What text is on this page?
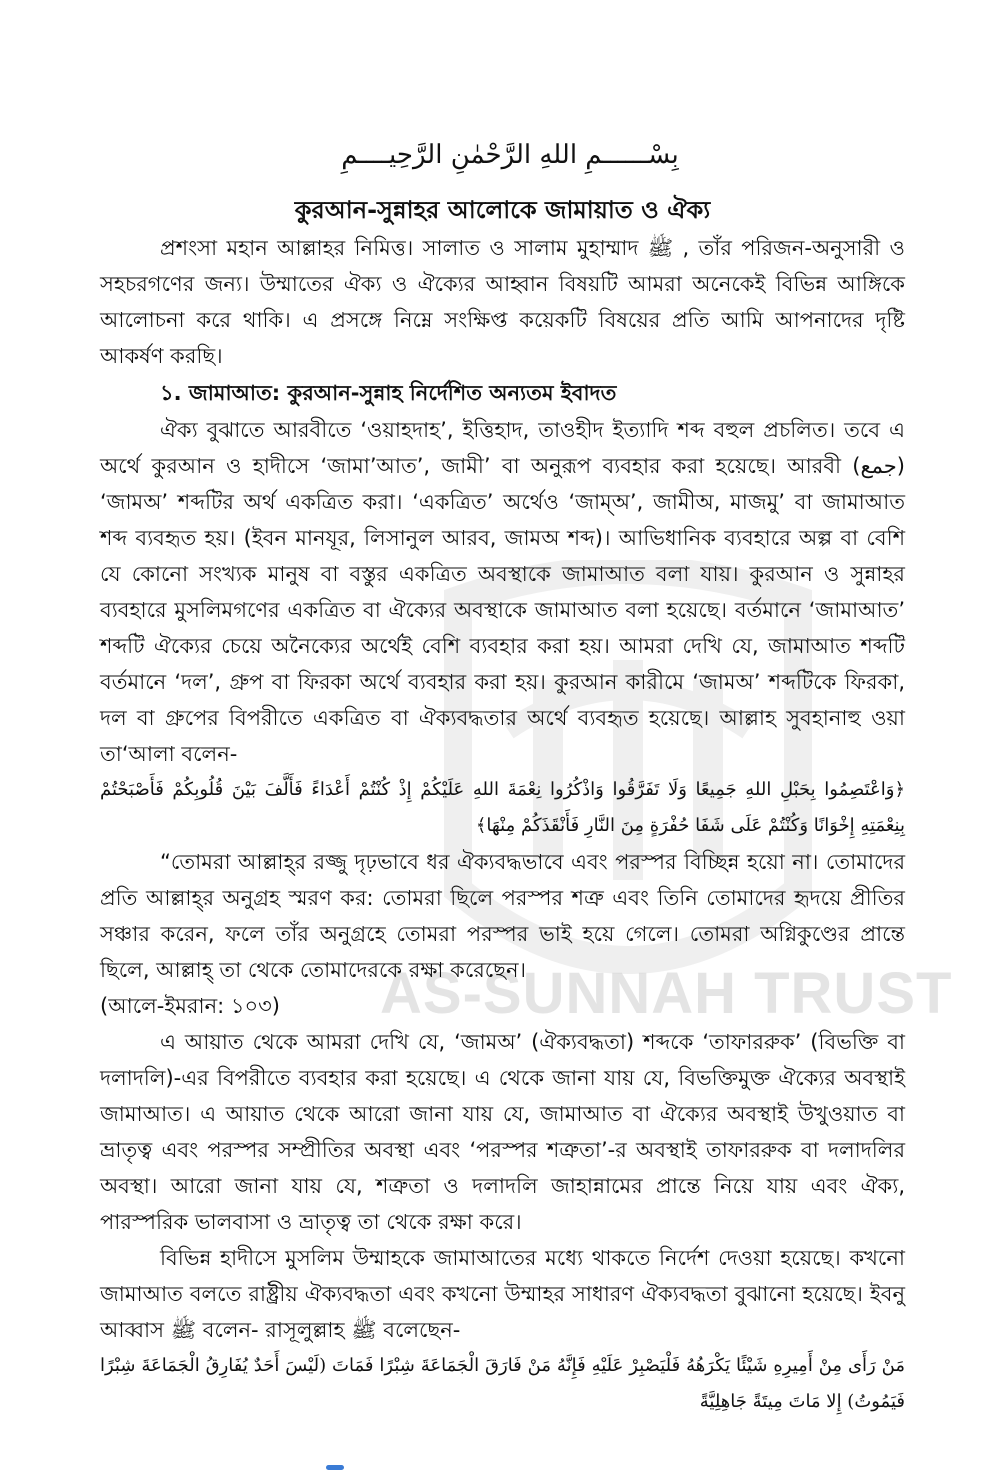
AS-SUNNAH TRUST
بِسْــــــمِ اللهِ الرَّحْمٰنِ الرَّحِيــــمِ
কুরআন-সুন্নাহর আলোকে জামায়াত ও ঐক্য

প্রশংসা মহান আল্লাহর নিমিত্ত। সালাত ও সালাম মুহাম্মাদ ﷺ , তাঁর পরিজন-অনুসারী ও সহচরগণের জন্য। উম্মাতের ঐক্য ও ঐক্যের আহ্বান বিষয়টি আমরা অনেকেই বিভিন্ন আঙ্গিকে আলোচনা করে থাকি। এ প্রসঙ্গে নিম্নে সংক্ষিপ্ত কয়েকটি বিষয়ের প্রতি আমি আপনাদের দৃষ্টি আকর্ষণ করছি।

১. জামাআত: কুরআন-সুন্নাহ নির্দেশিত অন্যতম ইবাদত

ঐক্য বুঝাতে আরবীতে ‘ওয়াহদাহ’, ইত্তিহাদ, তাওহীদ ইত্যাদি শব্দ বহুল প্রচলিত। তবে এ অর্থে কুরআন ও হাদীসে ‘জামা’আত’, জামী’ বা অনুরূপ ব্যবহার করা হয়েছে। আরবী (جمع) ‘জামঅ’ শব্দটির অর্থ একত্রিত করা। ‘একত্রিত’ অর্থেও ‘জাম্‌অ’, জামীঅ, মাজমু’ বা জামাআত শব্দ ব্যবহৃত হয়। (ইবন মানযূর, লিসানুল আরব, জামঅ শব্দ)। আভিধানিক ব্যবহারে অল্প বা বেশি যে কোনো সংখ্যক মানুষ বা বস্তুর একত্রিত অবস্থাকে জামাআত বলা যায়। কুরআন ও সুন্নাহর ব্যবহারে মুসলিমগণের একত্রিত বা ঐক্যের অবস্থাকে জামাআত বলা হয়েছে। বর্তমানে ‘জামাআত’ শব্দটি ঐক্যের চেয়ে অনৈক্যের অর্থেই বেশি ব্যবহার করা হয়। আমরা দেখি যে, জামাআত শব্দটি বর্তমানে ‘দল’, গ্রুপ বা ফিরকা অর্থে ব্যবহার করা হয়। কুরআন কারীমে ‘জামঅ’ শব্দটিকে ফিরকা, দল বা গ্রুপের বিপরীতে একত্রিত বা ঐক্যবদ্ধতার অর্থে ব্যবহৃত হয়েছে। আল্লাহ সুবহানাহু ওয়া তা‘আলা বলেন-

﴿وَاعْتَصِمُوا بِحَبْلِ اللهِ جَمِيعًا وَلَا تَفَرَّقُوا وَاذْكُرُوا نِعْمَةَ اللهِ عَلَيْكُمْ إِذْ كُنْتُمْ أَعْدَاءً فَأَلَّفَ بَيْنَ قُلُوبِكُمْ فَأَصْبَحْتُمْ بِنِعْمَتِهِ إِخْوَانًا وَكُنْتُمْ عَلَى شَفَا حُفْرَةٍ مِنَ النَّارِ فَأَنْقَذَكُمْ مِنْهَا﴾

“তোমরা আল্লাহ্‌র রজ্জু দৃঢ়ভাবে ধর ঐক্যবদ্ধভাবে এবং পরস্পর বিচ্ছিন্ন হয়ো না। তোমাদের প্রতি আল্লাহ্‌র অনুগ্রহ স্মরণ কর: তোমরা ছিলে পরস্পর শত্রু এবং তিনি তোমাদের হৃদয়ে প্রীতির সঞ্চার করেন, ফলে তাঁর অনুগ্রহে তোমরা পরস্পর ভাই হয়ে গেলে। তোমরা অগ্নিকুণ্ডের প্রান্তে ছিলে, আল্লাহ্‌ তা থেকে তোমাদেরকে রক্ষা করেছেন।

(আলে-ইমরান: ১০৩)

এ আয়াত থেকে আমরা দেখি যে, ‘জামঅ’ (ঐক্যবদ্ধতা) শব্দকে ‘তাফাররুক’ (বিভক্তি বা দলাদলি)-এর বিপরীতে ব্যবহার করা হয়েছে। এ থেকে জানা যায় যে, বিভক্তিমুক্ত ঐক্যের অবস্থাই জামাআত। এ আয়াত থেকে আরো জানা যায় যে, জামাআত বা ঐক্যের অবস্থাই উখুওয়াত বা ভ্রাতৃত্ব এবং পরস্পর সম্প্রীতির অবস্থা এবং ‘পরস্পর শত্রুতা’-র অবস্থাই তাফাররুক বা দলাদলির অবস্থা। আরো জানা যায় যে, শত্রুতা ও দলাদলি জাহান্নামের প্রান্তে নিয়ে যায় এবং ঐক্য, পারস্পরিক ভালবাসা ও ভ্রাতৃত্ব তা থেকে রক্ষা করে।

বিভিন্ন হাদীসে মুসলিম উম্মাহকে জামাআতের মধ্যে থাকতে নির্দেশ দেওয়া হয়েছে। কখনো জামাআত বলতে রাষ্ট্রীয় ঐক্যবদ্ধতা এবং কখনো উম্মাহর সাধারণ ঐক্যবদ্ধতা বুঝানো হয়েছে। ইবনু আব্বাস ﷺ বলেন- রাসূলুল্লাহ ﷺ বলেছেন-

مَنْ رَأَى مِنْ أَمِيرِهِ شَيْئًا يَكْرَهُهُ فَلْيَصْبِرْ عَلَيْهِ فَإِنَّهُ مَنْ فَارَقَ الْجَمَاعَةَ شِبْرًا فَمَاتَ (لَيْسَ أَحَدٌ يُفَارِقُ الْجَمَاعَةَ شِبْرًا فَيَمُوتُ) إِلا مَاتَ مِيتَةً جَاهِلِيَّةً
